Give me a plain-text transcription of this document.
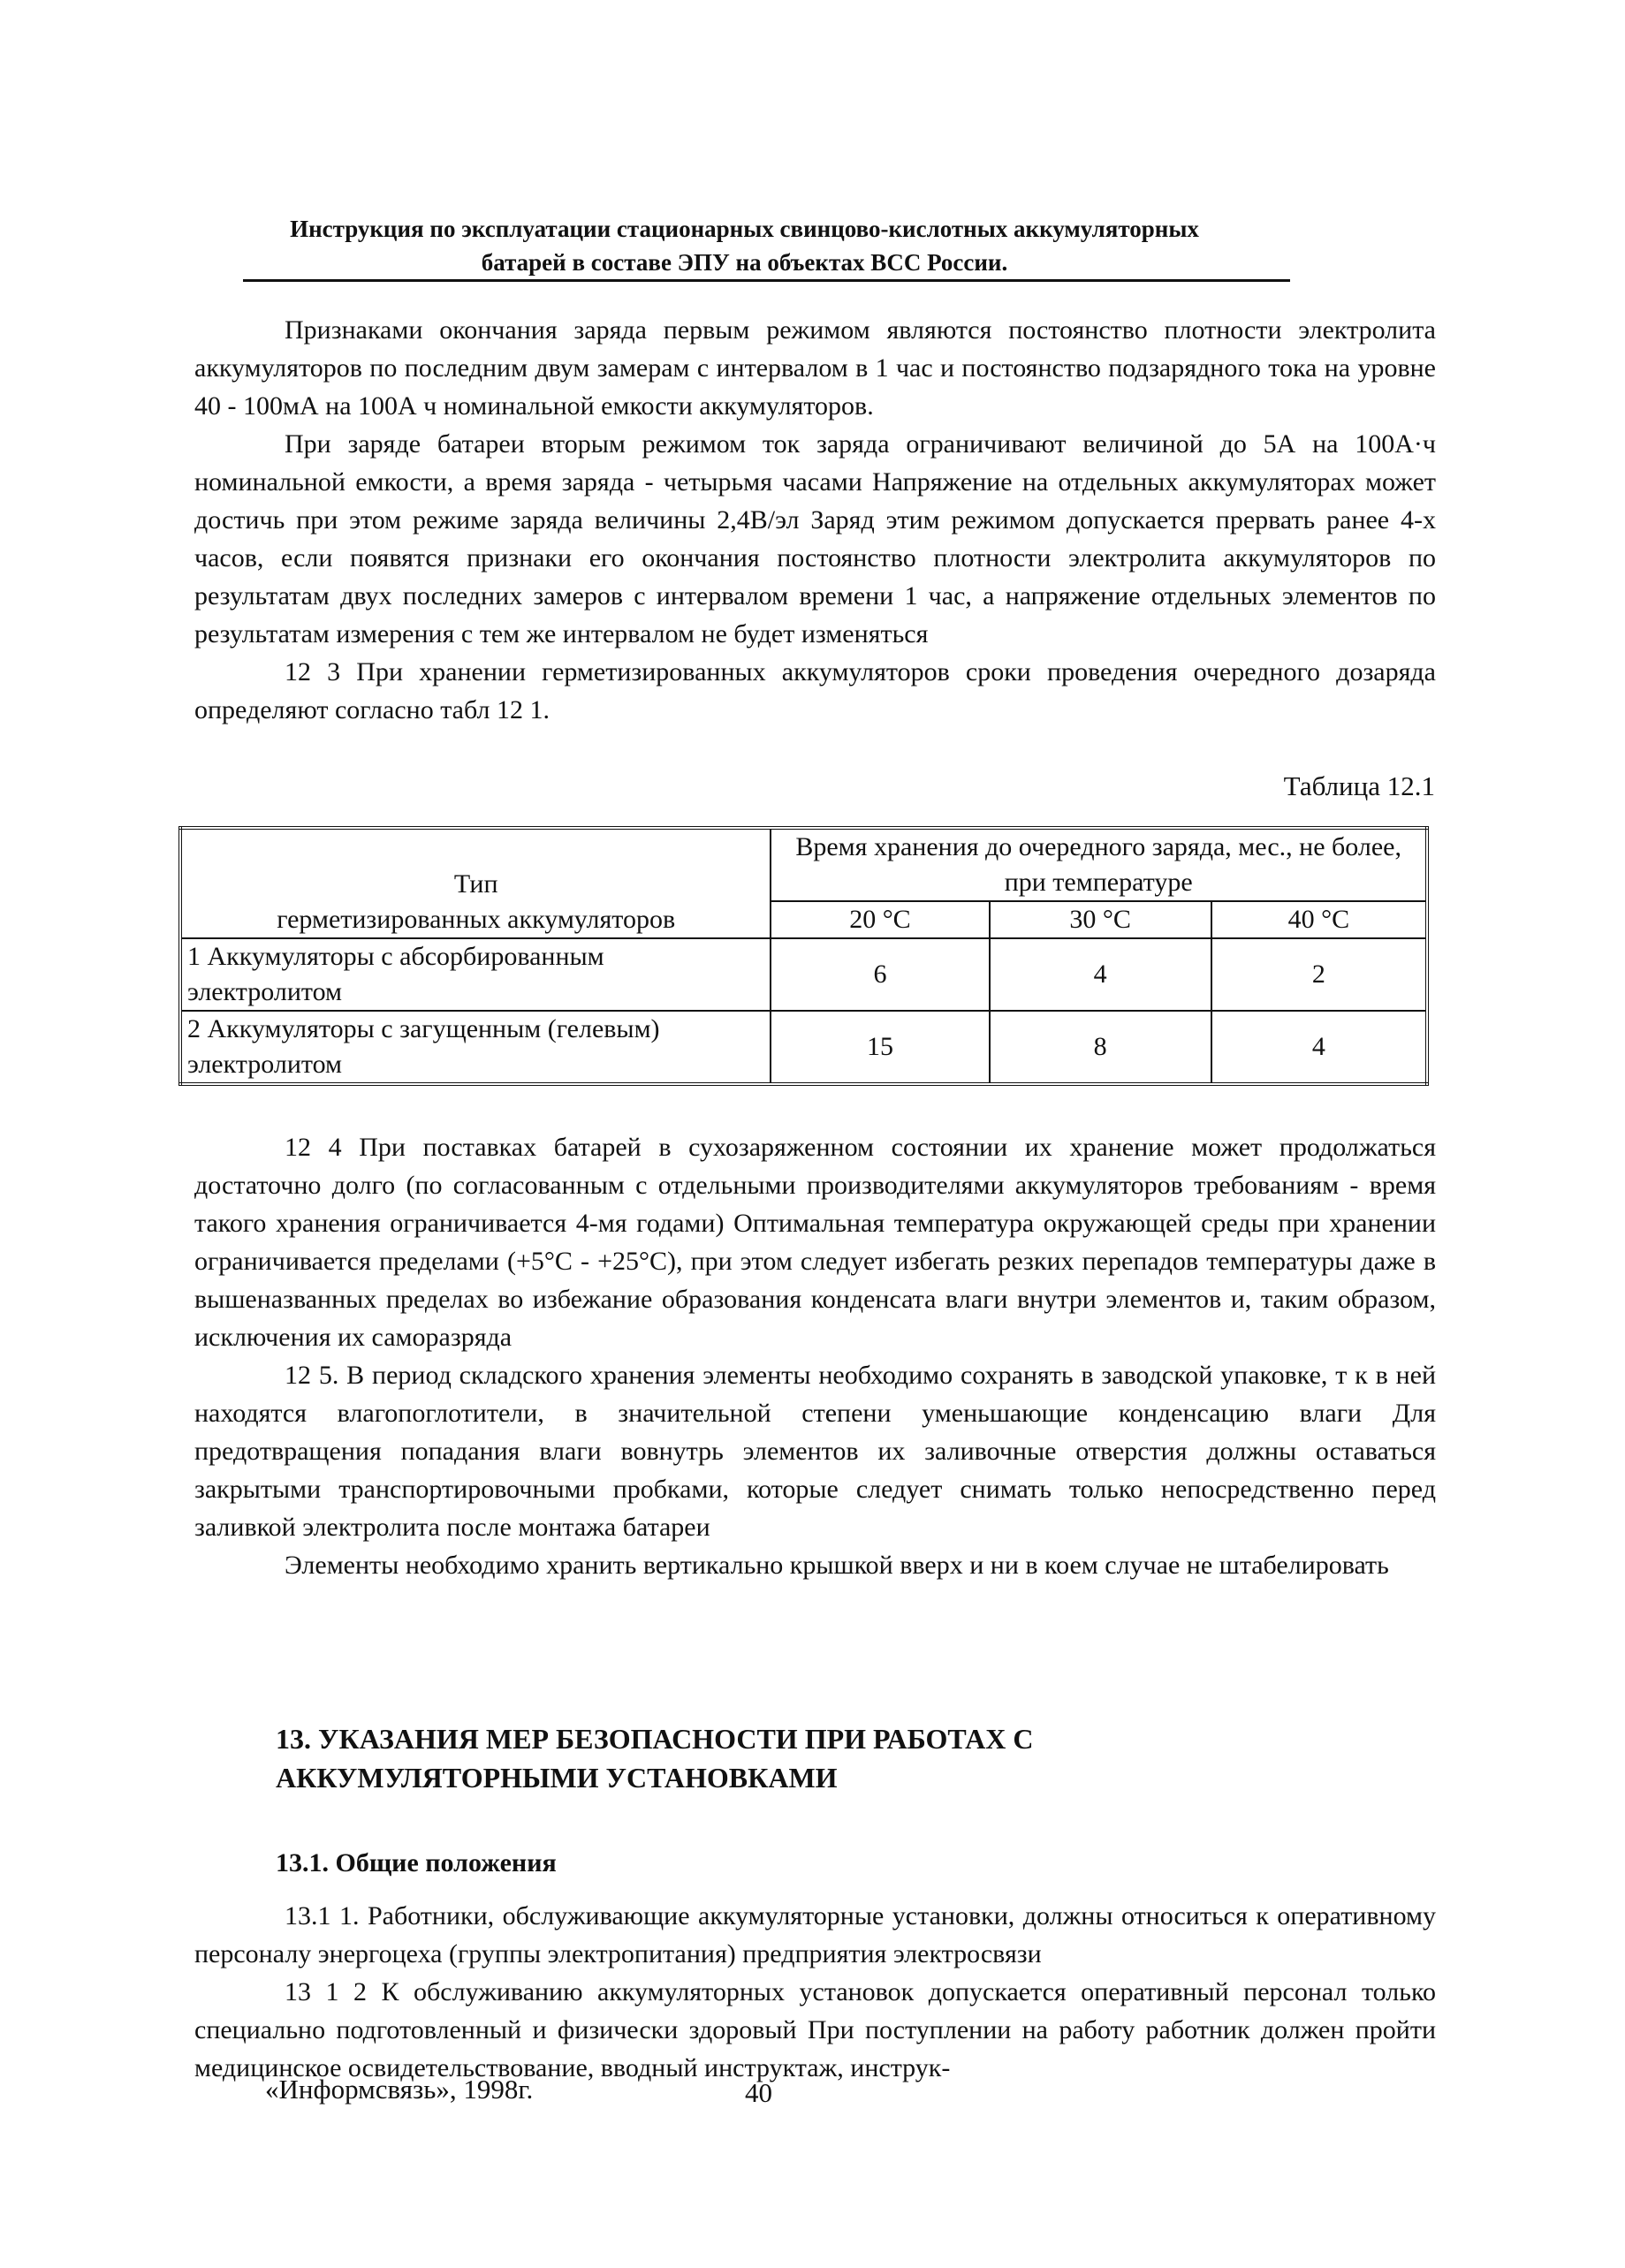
Инструкция по эксплуатации стационарных свинцово-кислотных аккумуляторных
батарей в составе ЭПУ на объектах ВСС России.

Признаками окончания заряда первым режимом являются постоянство плотности электролита аккумуляторов по последним двум замерам с интервалом в 1 час и постоянство подзарядного тока на уровне 40 - 100мА на 100А ч номинальной емкости аккумуляторов.

При заряде батареи вторым режимом ток заряда ограничивают величиной до 5А на 100А·ч номинальной емкости, а время заряда - четырьмя часами Напряжение на отдельных аккумуляторах может достичь при этом режиме заряда величины 2,4В/эл Заряд этим режимом допускается прервать ранее 4-х часов, если появятся признаки его окончания постоянство плотности электролита аккумуляторов по результатам двух последних замеров с интервалом времени 1 час, а напряжение отдельных элементов по результатам измерения с тем же интервалом не будет изменяться

12 3 При хранении герметизированных аккумуляторов сроки проведения очередного дозаряда определяют согласно табл 12 1.

Таблица 12.1
Тип
герметизированных аккумуляторов	Время хранения до очередного заряда, мес., не более, при температуре		
	20 °С	30 °С	40 °С
1 Аккумуляторы с абсорбированным электролитом	6	4	2
2 Аккумуляторы с загущенным (гелевым) электролитом	15	8	4

12 4 При поставках батарей в сухозаряженном состоянии их хранение может продолжаться достаточно долго (по согласованным с отдельными производителями аккумуляторов требованиям - время такого хранения ограничивается 4-мя годами) Оптимальная температура окружающей среды при хранении ограничивается пределами (+5°С - +25°С), при этом следует избегать резких перепадов температуры даже в вышеназванных пределах во избежание образования конденсата влаги внутри элементов и, таким образом, исключения их саморазряда

12 5. В период складского хранения элементы необходимо сохранять в заводской упаковке, т к в ней находятся влагопоглотители, в значительной степени уменьшающие конденсацию влаги Для предотвращения попадания влаги вовнутрь элементов их заливочные отверстия должны оставаться закрытыми транспортировочными пробками, которые следует снимать только непосредственно перед заливкой электролита после монтажа батареи

Элементы необходимо хранить вертикально крышкой вверх и ни в коем случае не штабелировать

13. УКАЗАНИЯ МЕР БЕЗОПАСНОСТИ ПРИ РАБОТАХ С
АККУМУЛЯТОРНЫМИ УСТАНОВКАМИ
13.1. Общие положения

13.1 1. Работники, обслуживающие аккумуляторные установки, должны относиться к оперативному персоналу энергоцеха (группы электропитания) предприятия электросвязи

13 1 2 К обслуживанию аккумуляторных установок допускается оперативный персонал только специально подготовленный и физически здоровый При поступлении на работу работник должен пройти медицинское освидетельствование, вводный инструктаж, инструк-

«Информсвязь», 1998г.	40
